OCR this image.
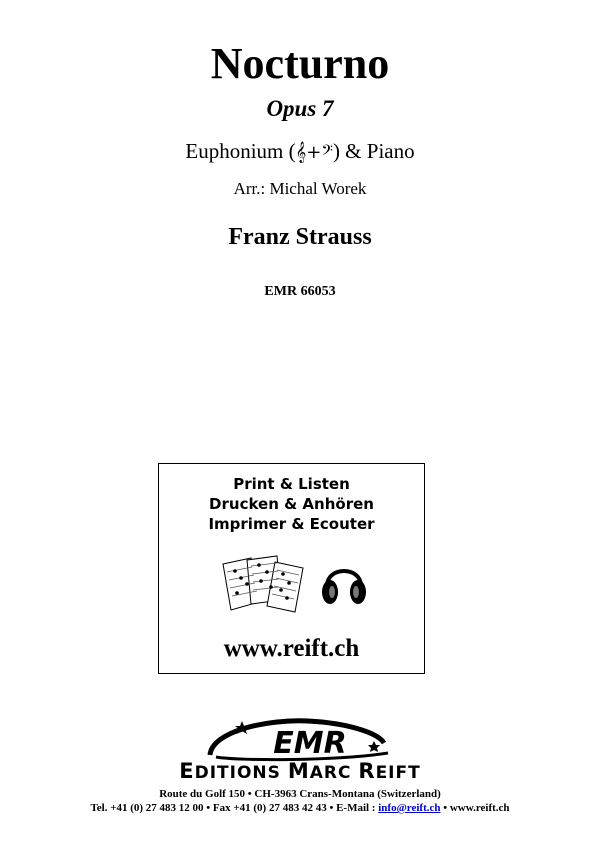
Nocturno
Opus 7
Euphonium (𝄞+𝄢) & Piano
Arr.: Michal Worek
Franz Strauss
EMR 66053
Print & Listen
Drucken & Anhören
Imprimer & Ecouter
www.reift.ch
EMR
EDITIONS MARC REIFT
Route du Golf 150 • CH-3963 Crans-Montana (Switzerland)
Tel. +41 (0) 27 483 12 00 • Fax +41 (0) 27 483 42 43 • E-Mail : info@reift.ch • www.reift.ch
